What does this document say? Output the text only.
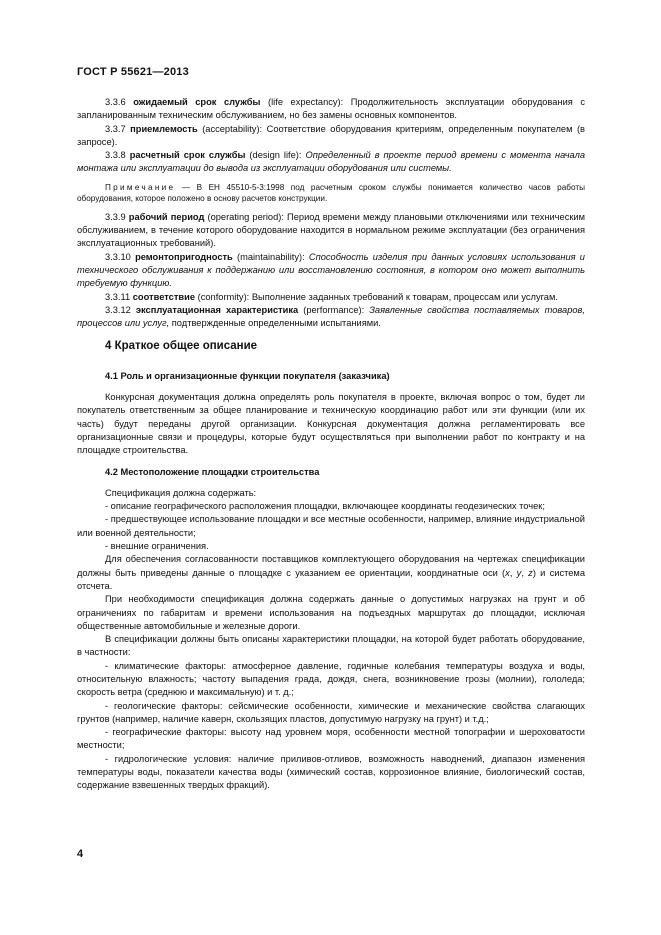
ГОСТ Р 55621—2013

3.3.6 ожидаемый срок службы (life expectancy): Продолжительность эксплуатации оборудования с запланированным техническим обслуживанием, но без замены основных компонентов.

3.3.7 приемлемость (acceptability): Соответствие оборудования критериям, определенным покупателем (в запросе).

3.3.8 расчетный срок службы (design life): Определенный в проекте период времени с момента начала монтажа или эксплуатации до вывода из эксплуатации оборудования или системы.

Примечание — В ЕН 45510-5-3:1998 под расчетным сроком службы понимается количество часов работы оборудования, которое положено в основу расчетов конструкции.

3.3.9 рабочий период (operating period): Период времени между плановыми отключениями или техническим обслуживанием, в течение которого оборудование находится в нормальном режиме эксплуатации (без ограничения эксплуатационных требований).

3.3.10 ремонтопригодность (maintainability): Способность изделия при данных условиях использования и технического обслуживания к поддержанию или восстановлению состояния, в котором оно может выполнить требуемую функцию.

3.3.11 соответствие (conformity): Выполнение заданных требований к товарам, процессам или услугам.

3.3.12 эксплуатационная характеристика (performance): Заявленные свойства поставляемых товаров, процессов или услуг, подтвержденные определенными испытаниями.

4 Краткое общее описание

4.1 Роль и организационные функции покупателя (заказчика)

Конкурсная документация должна определять роль покупателя в проекте, включая вопрос о том, будет ли покупатель ответственным за общее планирование и техническую координацию работ или эти функции (или их часть) будут переданы другой организации. Конкурсная документация должна регламентировать все организационные связи и процедуры, которые будут осуществляться при выполнении работ по контракту и на площадке строительства.

4.2 Местоположение площадки строительства

Спецификация должна содержать:

- описание географического расположения площадки, включающее координаты геодезических точек;

- предшествующее использование площадки и все местные особенности, например, влияние индустриальной или военной деятельности;

- внешние ограничения.

Для обеспечения согласованности поставщиков комплектующего оборудования на чертежах спецификации должны быть приведены данные о площадке с указанием ее ориентации, координатные оси (x, y, z) и система отсчета.

При необходимости спецификация должна содержать данные о допустимых нагрузках на грунт и об ограничениях по габаритам и времени использования на подъездных маршрутах до площадки, исключая общественные автомобильные и железные дороги.

В спецификации должны быть описаны характеристики площадки, на которой будет работать оборудование, в частности:

- климатические факторы: атмосферное давление, годичные колебания температуры воздуха и воды, относительную влажность; частоту выпадения града, дождя, снега, возникновение грозы (молнии), гололеда; скорость ветра (среднюю и максимальную) и т. д.;

- геологические факторы: сейсмические особенности, химические и механические свойства слагающих грунтов (например, наличие каверн, скользящих пластов, допустимую нагрузку на грунт) и т.д.;

- географические факторы: высоту над уровнем моря, особенности местной топографии и шероховатости местности;

- гидрологические условия: наличие приливов-отливов, возможность наводнений, диапазон изменения температуры воды, показатели качества воды (химический состав, коррозионное влияние, биологический состав, содержание взвешенных твердых фракций).

4
